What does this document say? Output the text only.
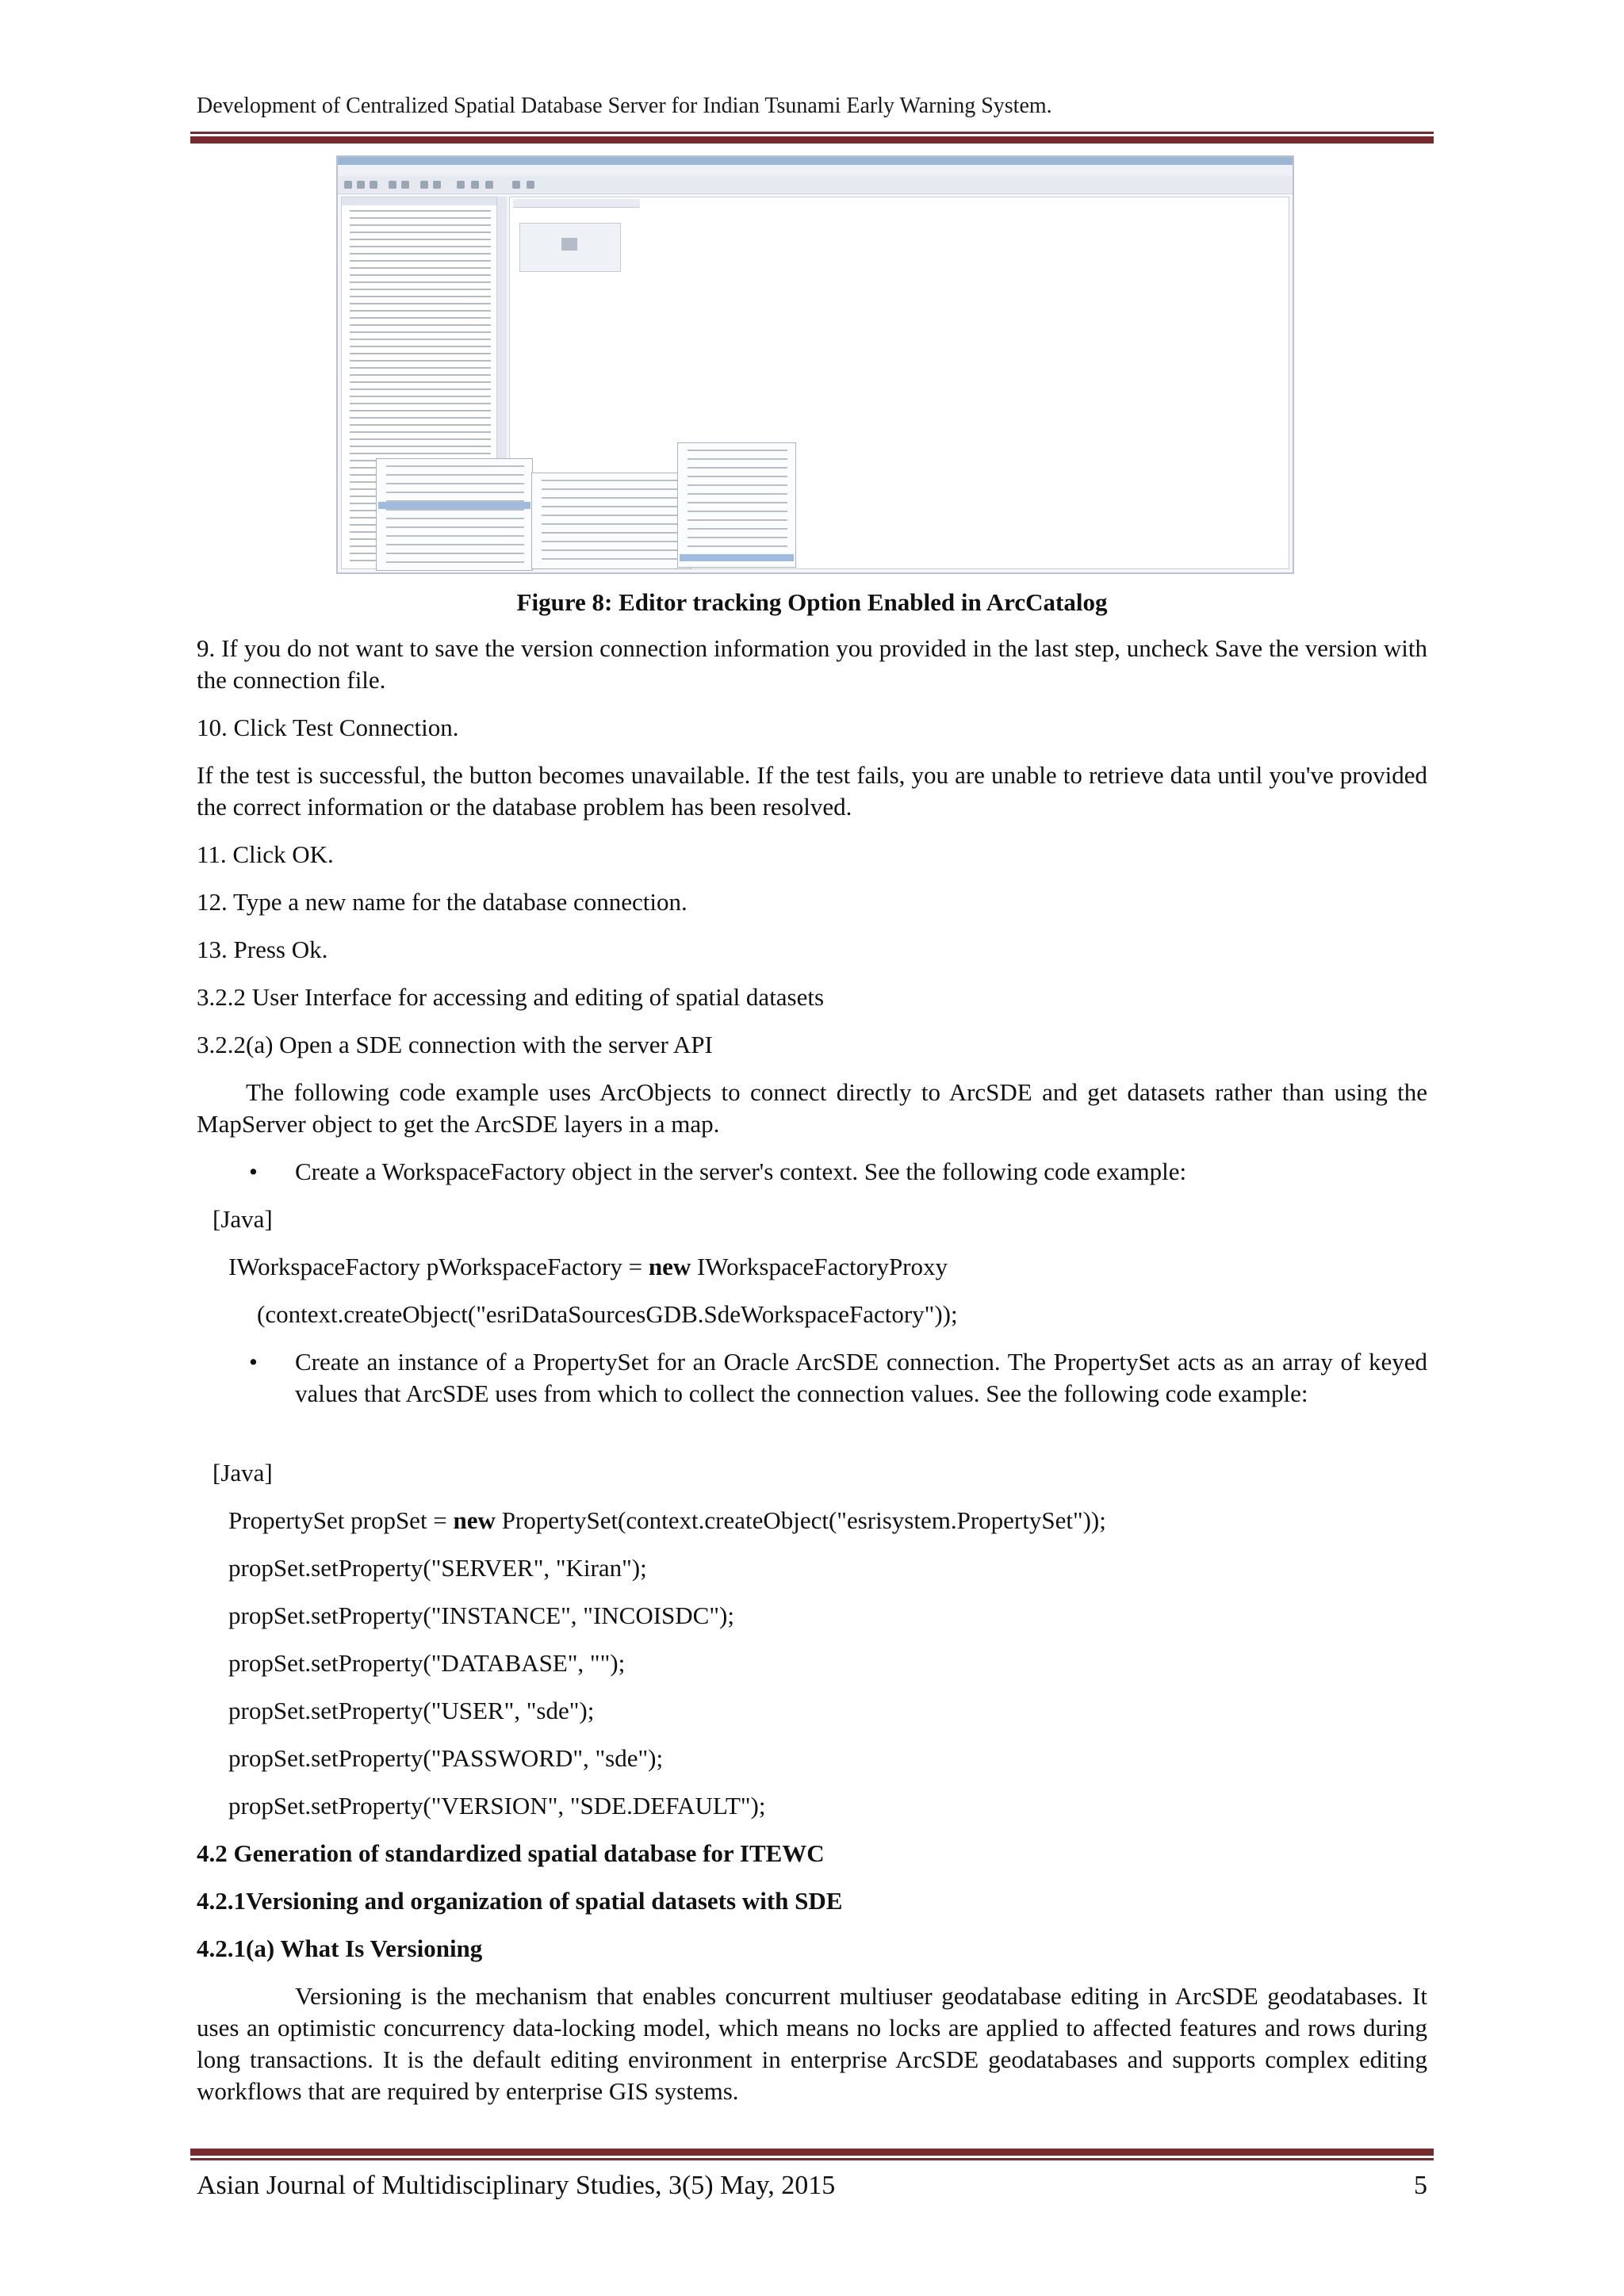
Development of Centralized Spatial Database Server for Indian Tsunami Early Warning System.
Figure 8: Editor tracking Option Enabled in ArcCatalog

9. If you do not want to save the version connection information you provided in the last step, uncheck Save the version with the connection file.

10. Click Test Connection.

If the test is successful, the button becomes unavailable. If the test fails, you are unable to retrieve data until you've provided the correct information or the database problem has been resolved.

11. Click OK.

12. Type a new name for the database connection.

13. Press Ok.

3.2.2 User Interface for accessing and editing of spatial datasets

3.2.2(a) Open a SDE connection with the server API

The following code example uses ArcObjects to connect directly to ArcSDE and get datasets rather than using the MapServer object to get the ArcSDE layers in a map.

• Create a WorkspaceFactory object in the server's context. See the following code example:

[Java]

IWorkspaceFactory pWorkspaceFactory = new IWorkspaceFactoryProxy

(context.createObject("esriDataSourcesGDB.SdeWorkspaceFactory"));

• Create an instance of a PropertySet for an Oracle ArcSDE connection. The PropertySet acts as an array of keyed values that ArcSDE uses from which to collect the connection values. See the following code example:

[Java]

PropertySet propSet = new PropertySet(context.createObject("esrisystem.PropertySet"));

propSet.setProperty("SERVER", "Kiran");

propSet.setProperty("INSTANCE", "INCOISDC");

propSet.setProperty("DATABASE", "");

propSet.setProperty("USER", "sde");

propSet.setProperty("PASSWORD", "sde");

propSet.setProperty("VERSION", "SDE.DEFAULT");

4.2 Generation of standardized spatial database for ITEWC

4.2.1Versioning and organization of spatial datasets with SDE

4.2.1(a) What Is Versioning

Versioning is the mechanism that enables concurrent multiuser geodatabase editing in ArcSDE geodatabases. It uses an optimistic concurrency data-locking model, which means no locks are applied to affected features and rows during long transactions. It is the default editing environment in enterprise ArcSDE geodatabases and supports complex editing workflows that are required by enterprise GIS systems.

Asian Journal of Multidisciplinary Studies, 3(5) May, 2015	5
